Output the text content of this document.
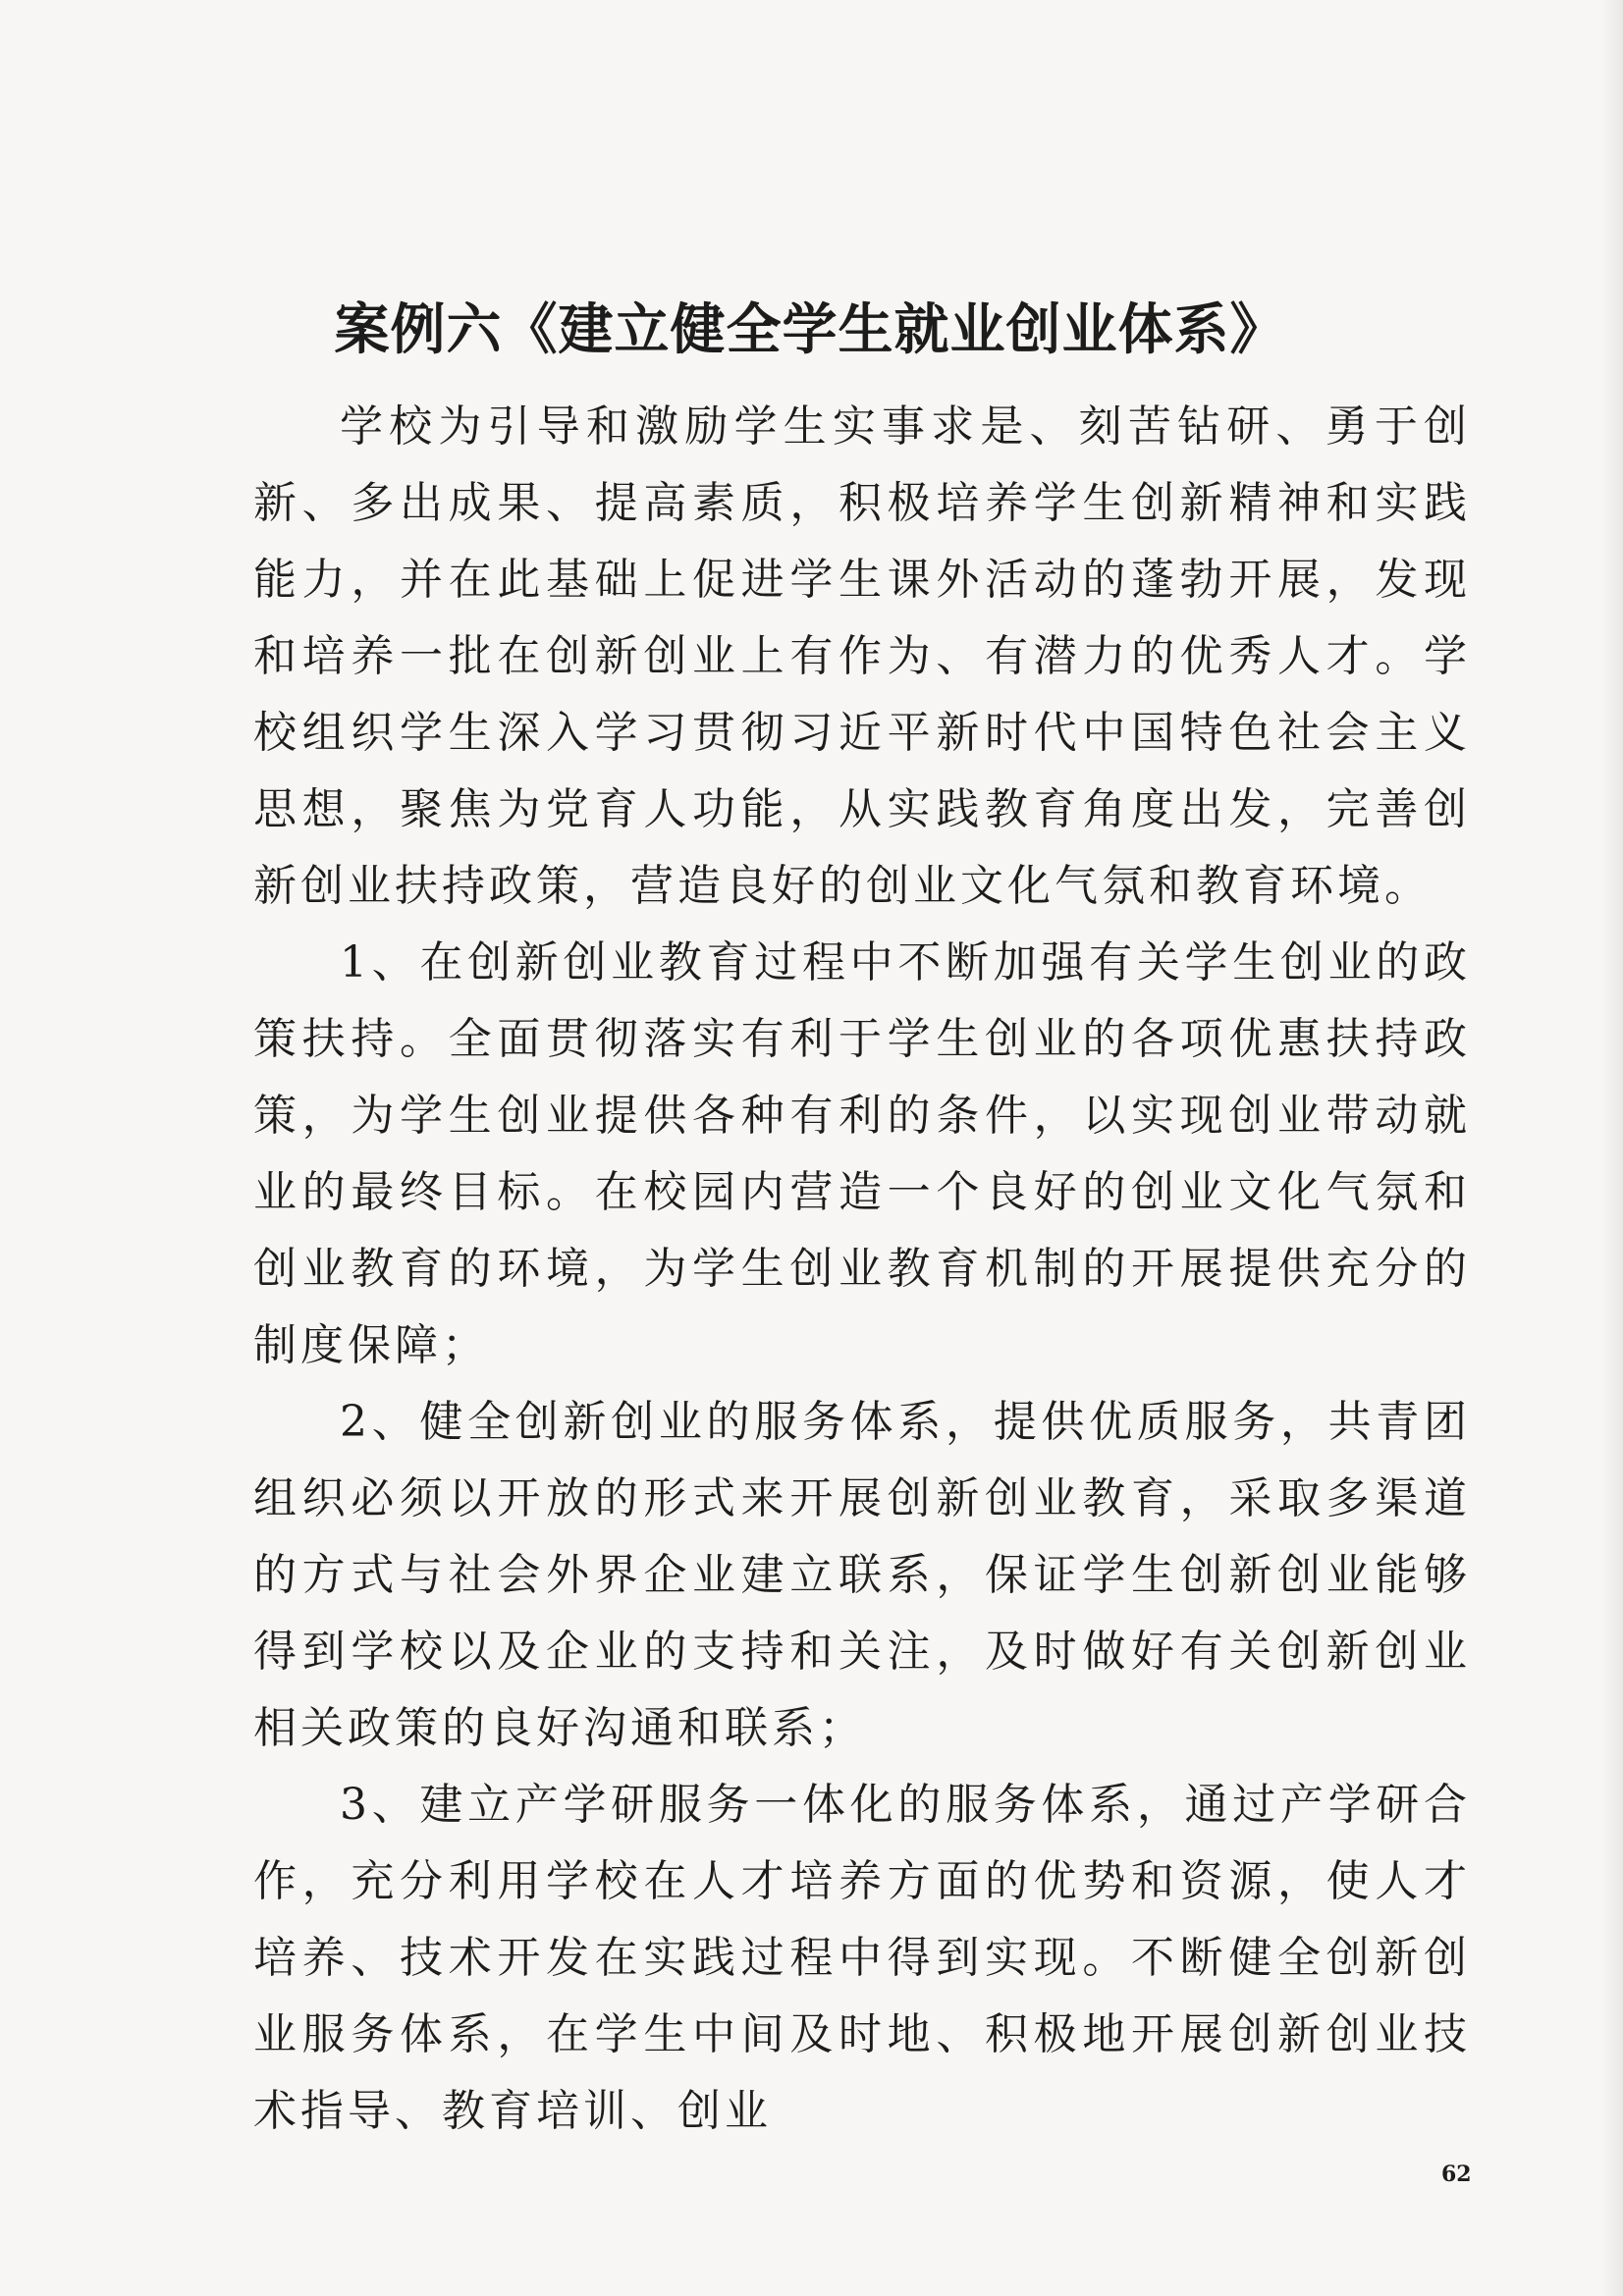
案例六《建立健全学生就业创业体系》

学校为引导和激励学生实事求是、刻苦钻研、勇于创新、多出成果、提高素质，积极培养学生创新精神和实践能力，并在此基础上促进学生课外活动的蓬勃开展，发现和培养一批在创新创业上有作为、有潜力的优秀人才。学校组织学生深入学习贯彻习近平新时代中国特色社会主义思想，聚焦为党育人功能，从实践教育角度出发，完善创新创业扶持政策，营造良好的创业文化气氛和教育环境。

1、在创新创业教育过程中不断加强有关学生创业的政策扶持。全面贯彻落实有利于学生创业的各项优惠扶持政策，为学生创业提供各种有利的条件，以实现创业带动就业的最终目标。在校园内营造一个良好的创业文化气氛和创业教育的环境，为学生创业教育机制的开展提供充分的制度保障；

2、健全创新创业的服务体系，提供优质服务，共青团组织必须以开放的形式来开展创新创业教育，采取多渠道的方式与社会外界企业建立联系，保证学生创新创业能够得到学校以及企业的支持和关注，及时做好有关创新创业相关政策的良好沟通和联系；

3、建立产学研服务一体化的服务体系，通过产学研合作，充分利用学校在人才培养方面的优势和资源，使人才培养、技术开发在实践过程中得到实现。不断健全创新创业服务体系，在学生中间及时地、积极地开展创新创业技术指导、教育培训、创业

62
